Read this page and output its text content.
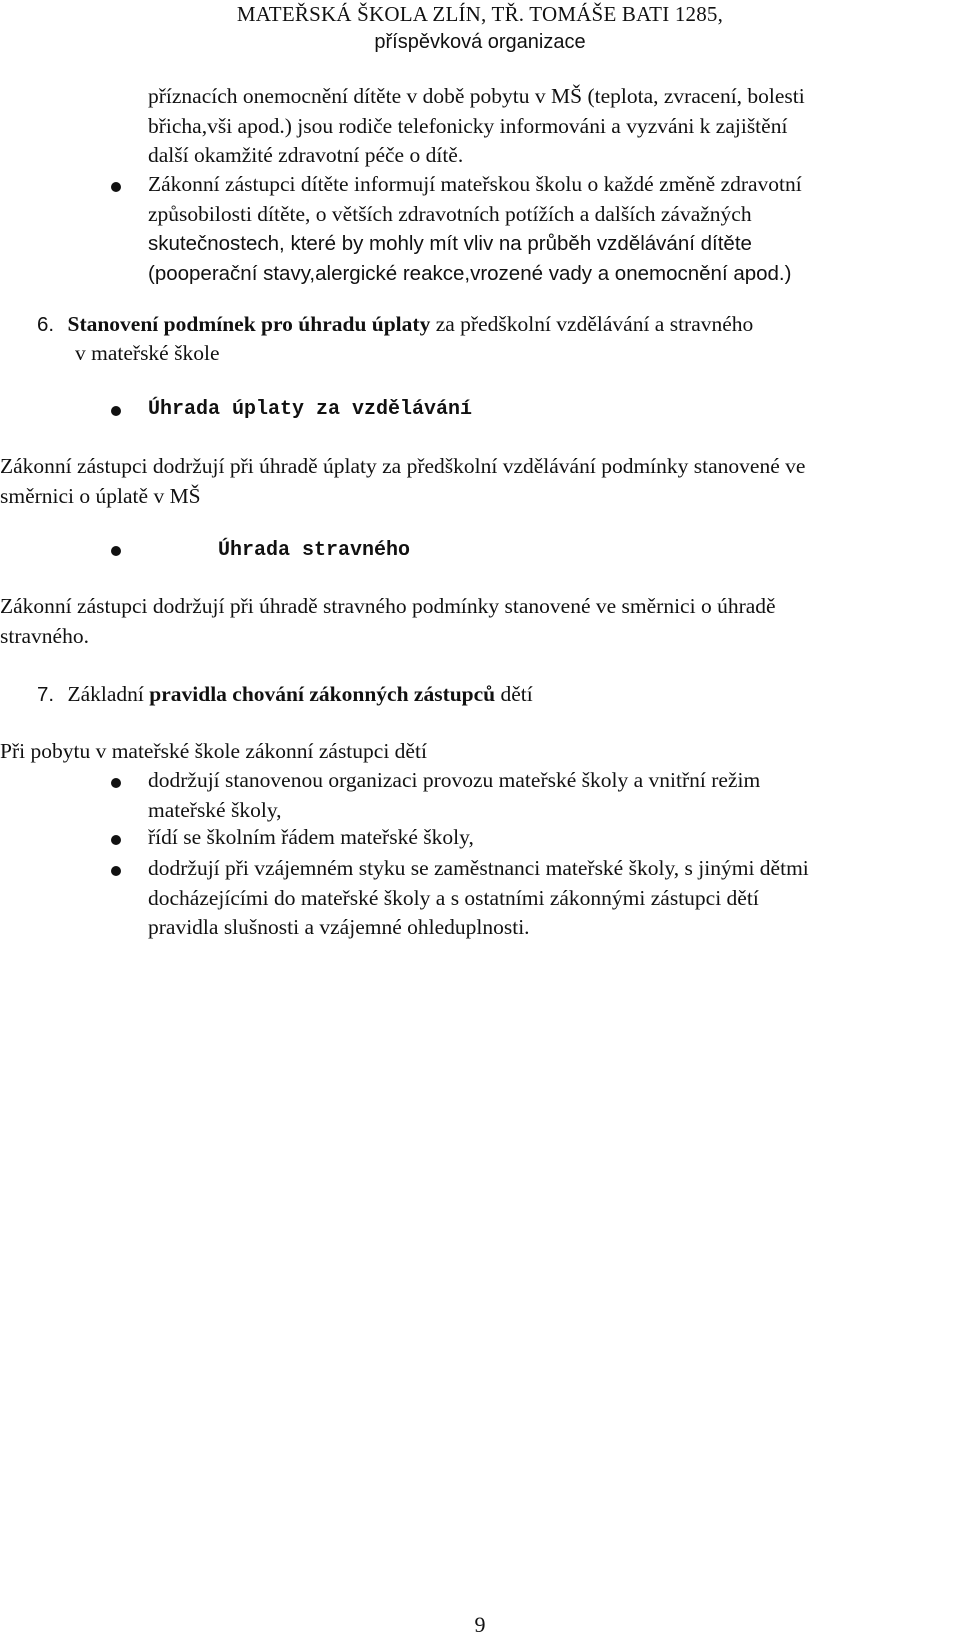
MATEŘSKÁ ŠKOLA ZLÍN, TŘ. TOMÁŠE BATI 1285,
příspěvková organizace
příznacích onemocnění dítěte v době pobytu v MŠ (teplota, zvracení, bolesti
břicha,vši apod.) jsou rodiče telefonicky informováni a vyzváni k zajištění
další okamžité zdravotní péče o dítě.
Zákonní zástupci dítěte informují mateřskou školu o každé změně zdravotní
způsobilosti dítěte, o větších zdravotních potížích a dalších závažných
skutečnostech, které by mohly mít vliv na průběh vzdělávání dítěte
(pooperační stavy,alergické reakce,vrozené vady a onemocnění apod.)
6. Stanovení podmínek pro úhradu úplaty za předškolní vzdělávání a stravného
v mateřské škole
Úhrada úplaty za vzdělávání
Zákonní zástupci dodržují při úhradě úplaty za předškolní vzdělávání podmínky stanovené ve
směrnici o úplatě v MŠ
Úhrada stravného
Zákonní zástupci dodržují při úhradě stravného podmínky stanovené ve směrnici o úhradě
stravného.
7. Základní pravidla chování zákonných zástupců dětí
Při pobytu v mateřské škole zákonní zástupci dětí
dodržují stanovenou organizaci provozu mateřské školy a vnitřní režim
mateřské školy,
řídí se školním řádem mateřské školy,
dodržují při vzájemném styku se zaměstnanci mateřské školy, s jinými dětmi
docházejícími do mateřské školy a s ostatními zákonnými zástupci dětí
pravidla slušnosti a vzájemné ohleduplnosti.
9
